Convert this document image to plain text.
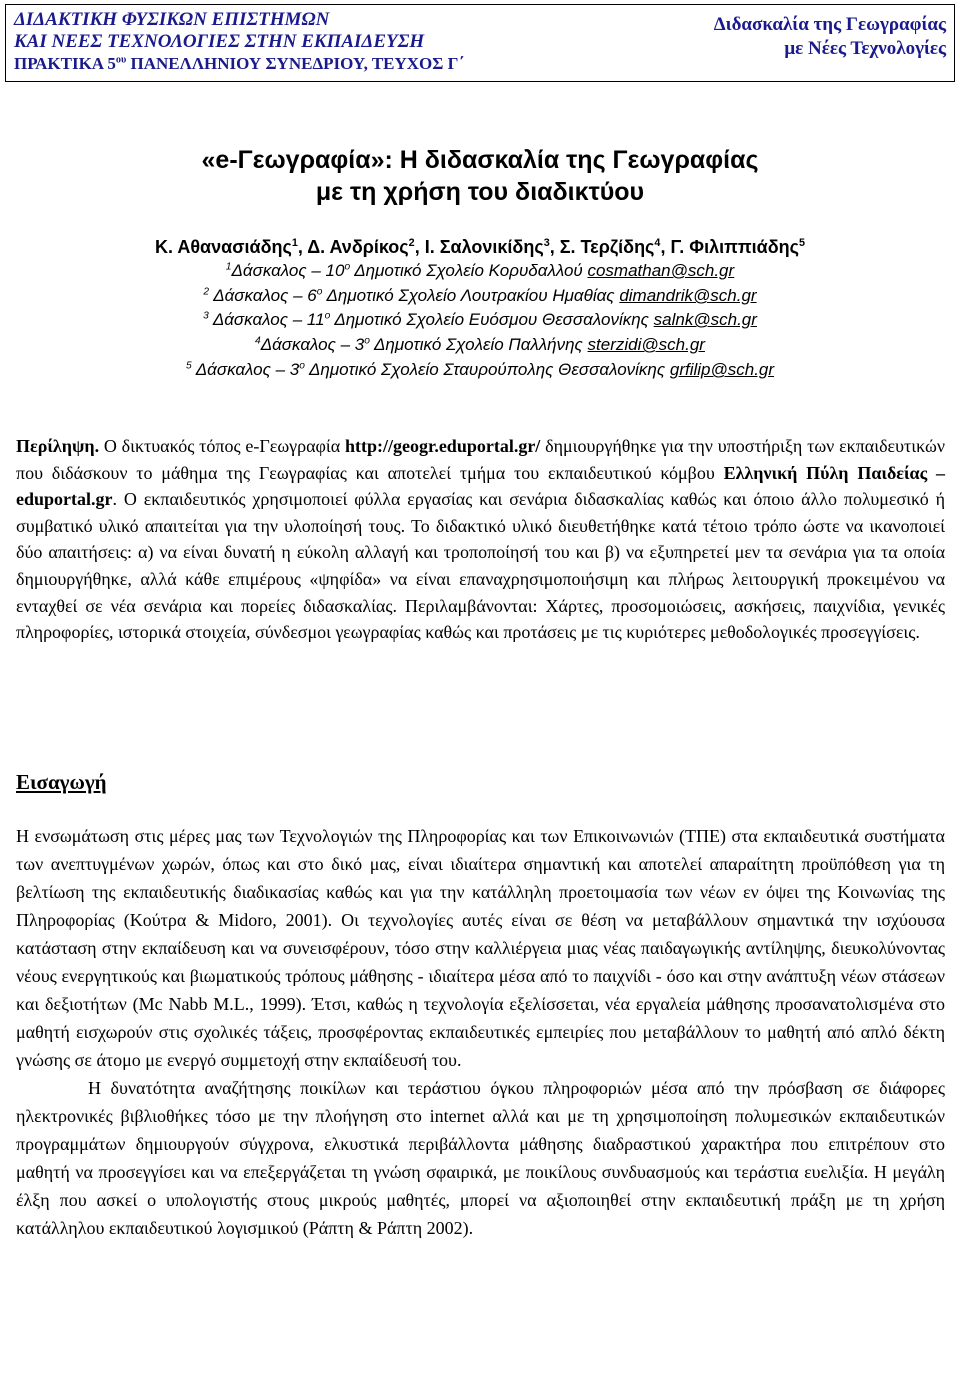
ΔΙΔΑΚΤΙΚΗ ΦΥΣΙΚΩΝ ΕΠΙΣΤΗΜΩΝ
ΚΑΙ ΝΕΕΣ ΤΕΧΝΟΛΟΓΙΕΣ ΣΤΗΝ ΕΚΠΑΙΔΕΥΣΗ
ΠΡΑΚΤΙΚΑ $5^{o\upsilon}$ ΠΑΝΕΛΛΗΝΙΟΥ ΣΥΝΕΔΡΙΟΥ, ΤΕΥΧΟΣ Γ΄
Διδασκαλία της Γεωγραφίας
με Νέες Τεχνολογίες
«e-Γεωγραφία»: Η διδασκαλία της Γεωγραφίας
με τη χρήση του διαδικτύου
Κ. Αθανασιάδης$^1$, Δ. Ανδρίκος$^2$, Ι. Σαλονικίδης$^3$, Σ. Τερζίδης$^4$, Γ. Φιλιππιάδης$^5$
$^1\Delta ά\sigma\kappa\alpha\lambda o\varsigma - 10^o$ Δημοτικό Σχολείο Κορυδαλλού cosmathan@sch.gr
$^2$ Δάσκαλος – $6^o$ Δημοτικό Σχολείο Λουτρακίου Ημαθίας dimandrik@sch.gr
$^3$ Δάσκαλος – $11^o$ Δημοτικό Σχολείο Ευόσμου Θεσσαλονίκης salnk@sch.gr
$^4\Delta ά\sigma\kappa\alpha\lambda o\varsigma - 3^o$ Δημοτικό Σχολείο Παλλήνης sterzidi@sch.gr
$^5$ Δάσκαλος – $3^o$ Δημοτικό Σχολείο Σταυρούπολης Θεσσαλονίκης grfilip@sch.gr
Περίληψη. Ο δικτυακός τόπος e-Γεωγραφία http://geogr.eduportal.gr/ δημιουργήθηκε για την υποστήριξη των εκπαιδευτικών που διδάσκουν το μάθημα της Γεωγραφίας και αποτελεί τμήμα του εκπαιδευτικού κόμβου Ελληνική Πύλη Παιδείας – eduportal.gr. Ο εκπαιδευτικός χρησιμοποιεί φύλλα εργασίας και σενάρια διδασκαλίας καθώς και όποιο άλλο πολυμεσικό ή συμβατικό υλικό απαιτείται για την υλοποίησή τους. Το διδακτικό υλικό διευθετήθηκε κατά τέτοιο τρόπο ώστε να ικανοποιεί δύο απαιτήσεις: α) να είναι δυνατή η εύκολη αλλαγή και τροποποίησή του και β) να εξυπηρετεί μεν τα σενάρια για τα οποία δημιουργήθηκε, αλλά κάθε επιμέρους «ψηφίδα» να είναι επαναχρησιμοποιήσιμη και πλήρως λειτουργική προκειμένου να ενταχθεί σε νέα σενάρια και πορείες διδασκαλίας. Περιλαμβάνονται: Χάρτες, προσομοιώσεις, ασκήσεις, παιχνίδια, γενικές πληροφορίες, ιστορικά στοιχεία, σύνδεσμοι γεωγραφίας καθώς και προτάσεις με τις κυριότερες μεθοδολογικές προσεγγίσεις.
Εισαγωγή

Η ενσωμάτωση στις μέρες μας των Τεχνολογιών της Πληροφορίας και των Επικοινωνιών (ΤΠΕ) στα εκπαιδευτικά συστήματα των ανεπτυγμένων χωρών, όπως και στο δικό μας, είναι ιδιαίτερα σημαντική και αποτελεί απαραίτητη προϋπόθεση για τη βελτίωση της εκπαιδευτικής διαδικασίας καθώς και για την κατάλληλη προετοιμασία των νέων εν όψει της Κοινωνίας της Πληροφορίας (Κούτρα & Midoro, 2001). Οι τεχνολογίες αυτές είναι σε θέση να μεταβάλλουν σημαντικά την ισχύουσα κατάσταση στην εκπαίδευση και να συνεισφέρουν, τόσο στην καλλιέργεια μιας νέας παιδαγωγικής αντίληψης, διευκολύνοντας νέους ενεργητικούς και βιωματικούς τρόπους μάθησης - ιδιαίτερα μέσα από το παιχνίδι - όσο και στην ανάπτυξη νέων στάσεων και δεξιοτήτων (Mc Nabb M.L., 1999). Έτσι, καθώς η τεχνολογία εξελίσσεται, νέα εργαλεία μάθησης προσανατολισμένα στο μαθητή εισχωρούν στις σχολικές τάξεις, προσφέροντας εκπαιδευτικές εμπειρίες που μεταβάλλουν το μαθητή από απλό δέκτη γνώσης σε άτομο με ενεργό συμμετοχή στην εκπαίδευσή του.

Η δυνατότητα αναζήτησης ποικίλων και τεράστιου όγκου πληροφοριών μέσα από την πρόσβαση σε διάφορες ηλεκτρονικές βιβλιοθήκες τόσο με την πλοήγηση στο internet αλλά και με τη χρησιμοποίηση πολυμεσικών εκπαιδευτικών προγραμμάτων δημιουργούν σύγχρονα, ελκυστικά περιβάλλοντα μάθησης διαδραστικού χαρακτήρα που επιτρέπουν στο μαθητή να προσεγγίσει και να επεξεργάζεται τη γνώση σφαιρικά, με ποικίλους συνδυασμούς και τεράστια ευελιξία. Η μεγάλη έλξη που ασκεί ο υπολογιστής στους μικρούς μαθητές, μπορεί να αξιοποιηθεί στην εκπαιδευτική πράξη με τη χρήση κατάλληλου εκπαιδευτικού λογισμικού (Ράπτη & Ράπτη 2002).
